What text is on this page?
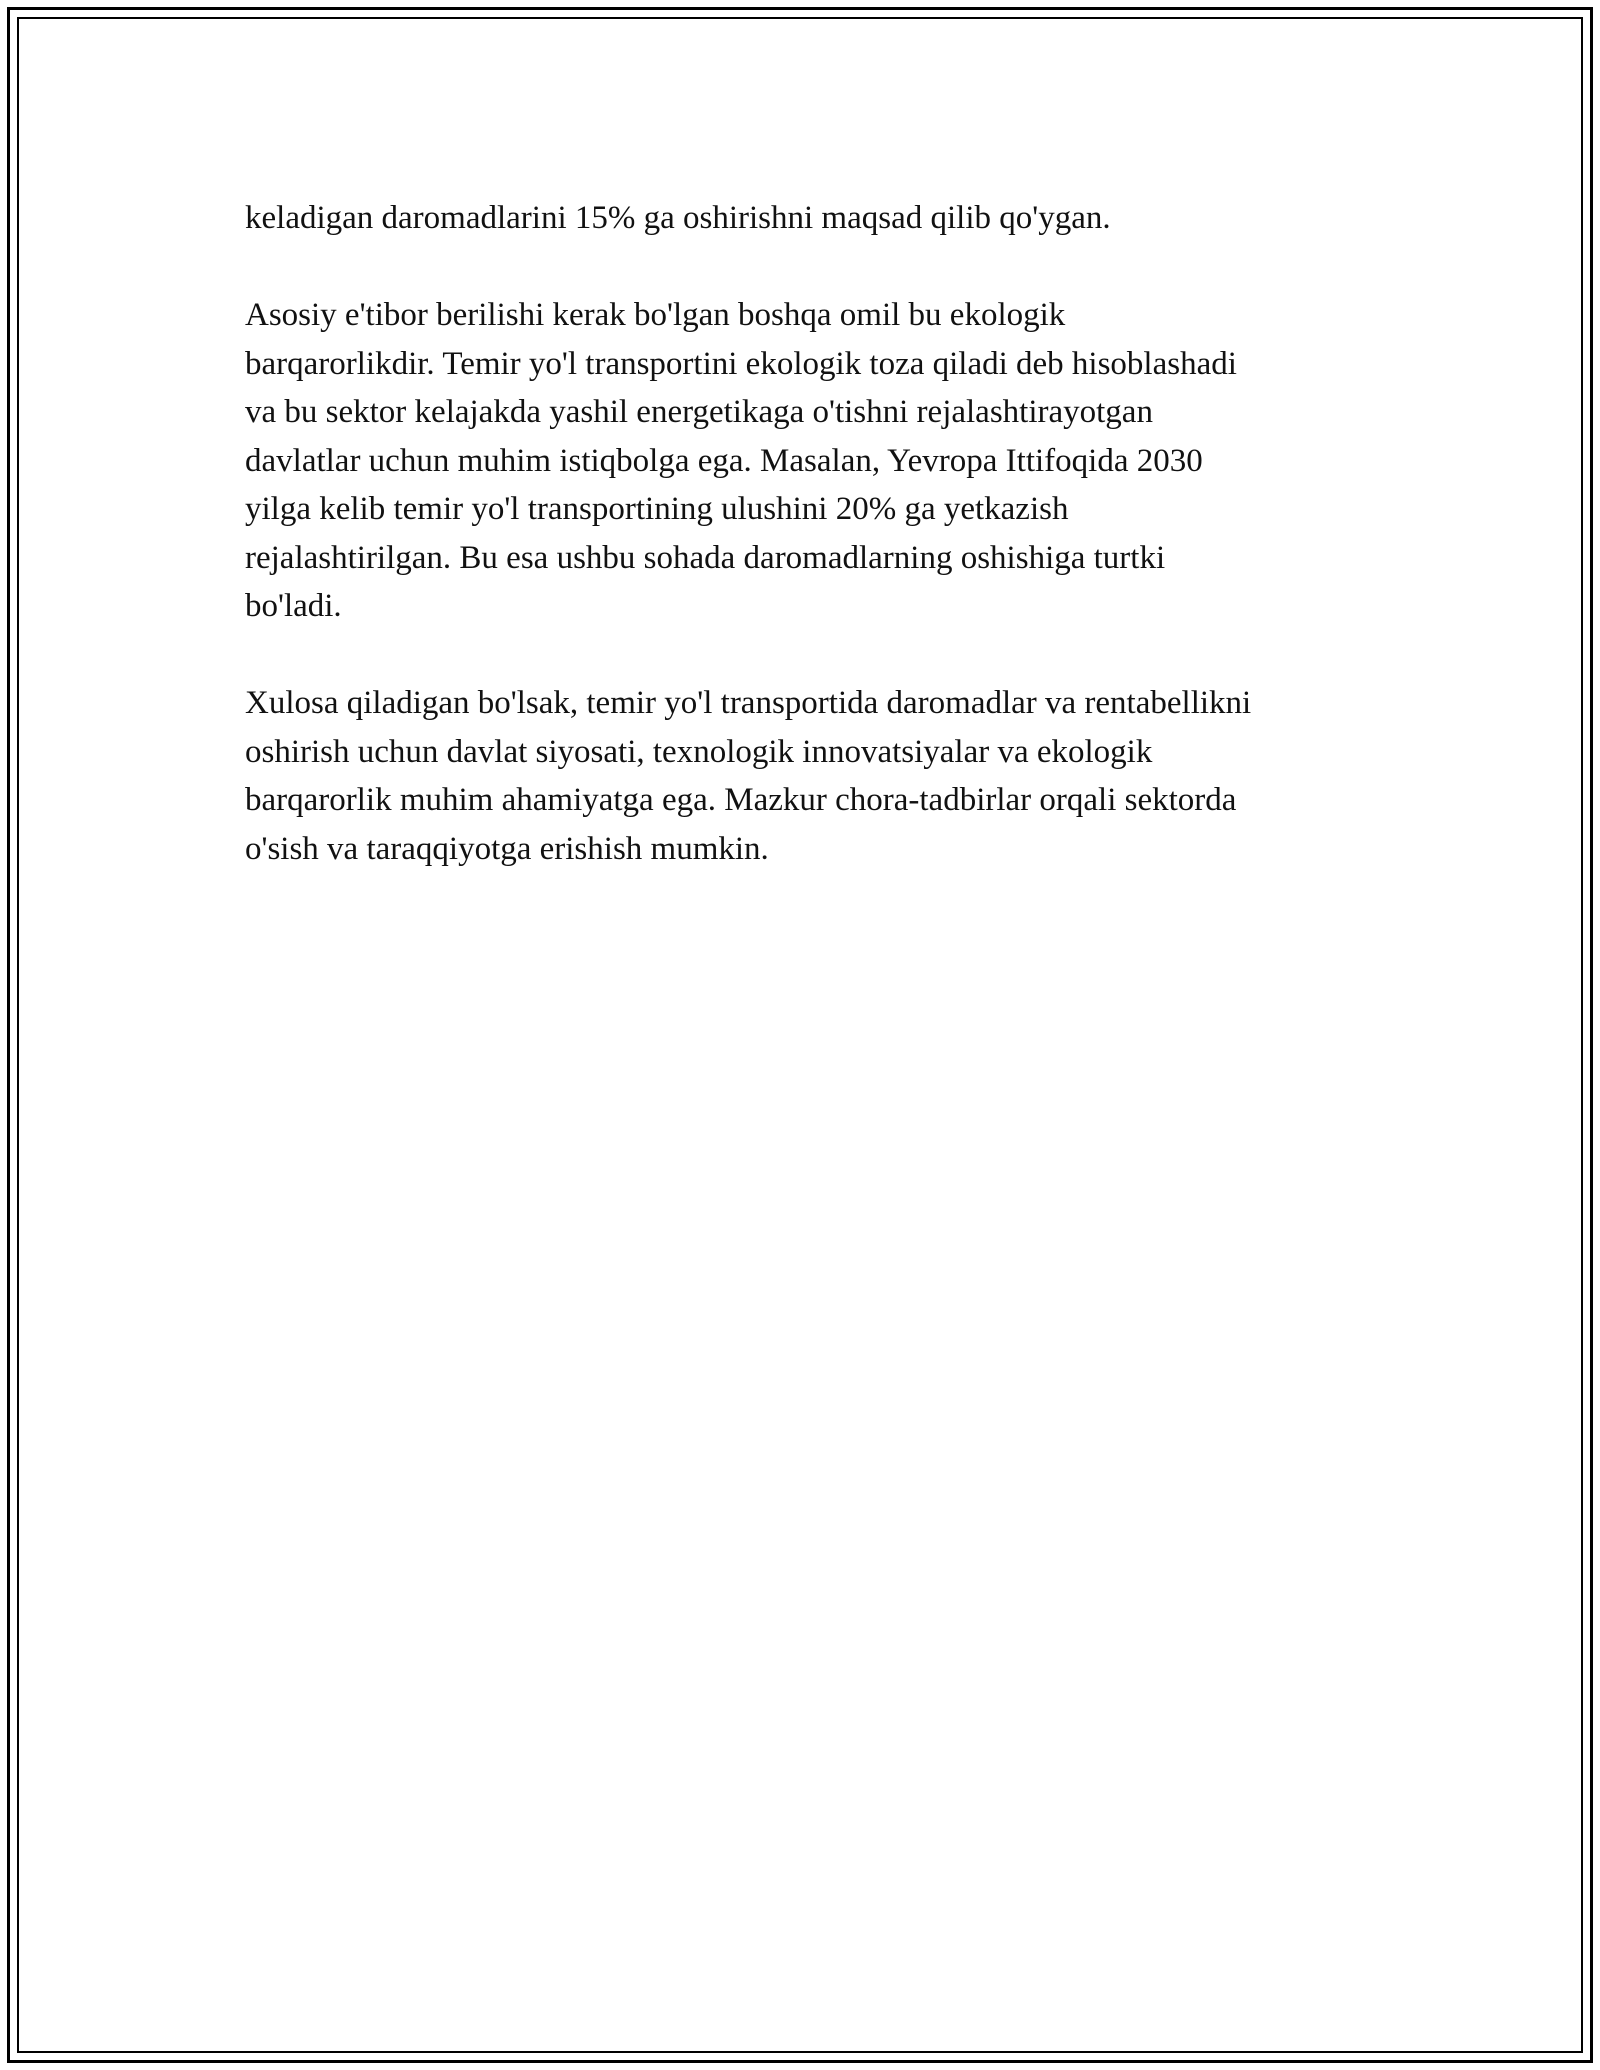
keladigan daromadlarini 15% ga oshirishni maqsad qilib qo'ygan.

Asosiy e'tibor berilishi kerak bo'lgan boshqa omil bu ekologik
barqarorlikdir. Temir yo'l transportini ekologik toza qiladi deb hisoblashadi
va bu sektor kelajakda yashil energetikaga o'tishni rejalashtirayotgan
davlatlar uchun muhim istiqbolga ega. Masalan, Yevropa Ittifoqida 2030
yilga kelib temir yo'l transportining ulushini 20% ga yetkazish
rejalashtirilgan. Bu esa ushbu sohada daromadlarning oshishiga turtki
bo'ladi.

Xulosa qiladigan bo'lsak, temir yo'l transportida daromadlar va rentabellikni
oshirish uchun davlat siyosati, texnologik innovatsiyalar va ekologik
barqarorlik muhim ahamiyatga ega. Mazkur chora-tadbirlar orqali sektorda
o'sish va taraqqiyotga erishish mumkin.
